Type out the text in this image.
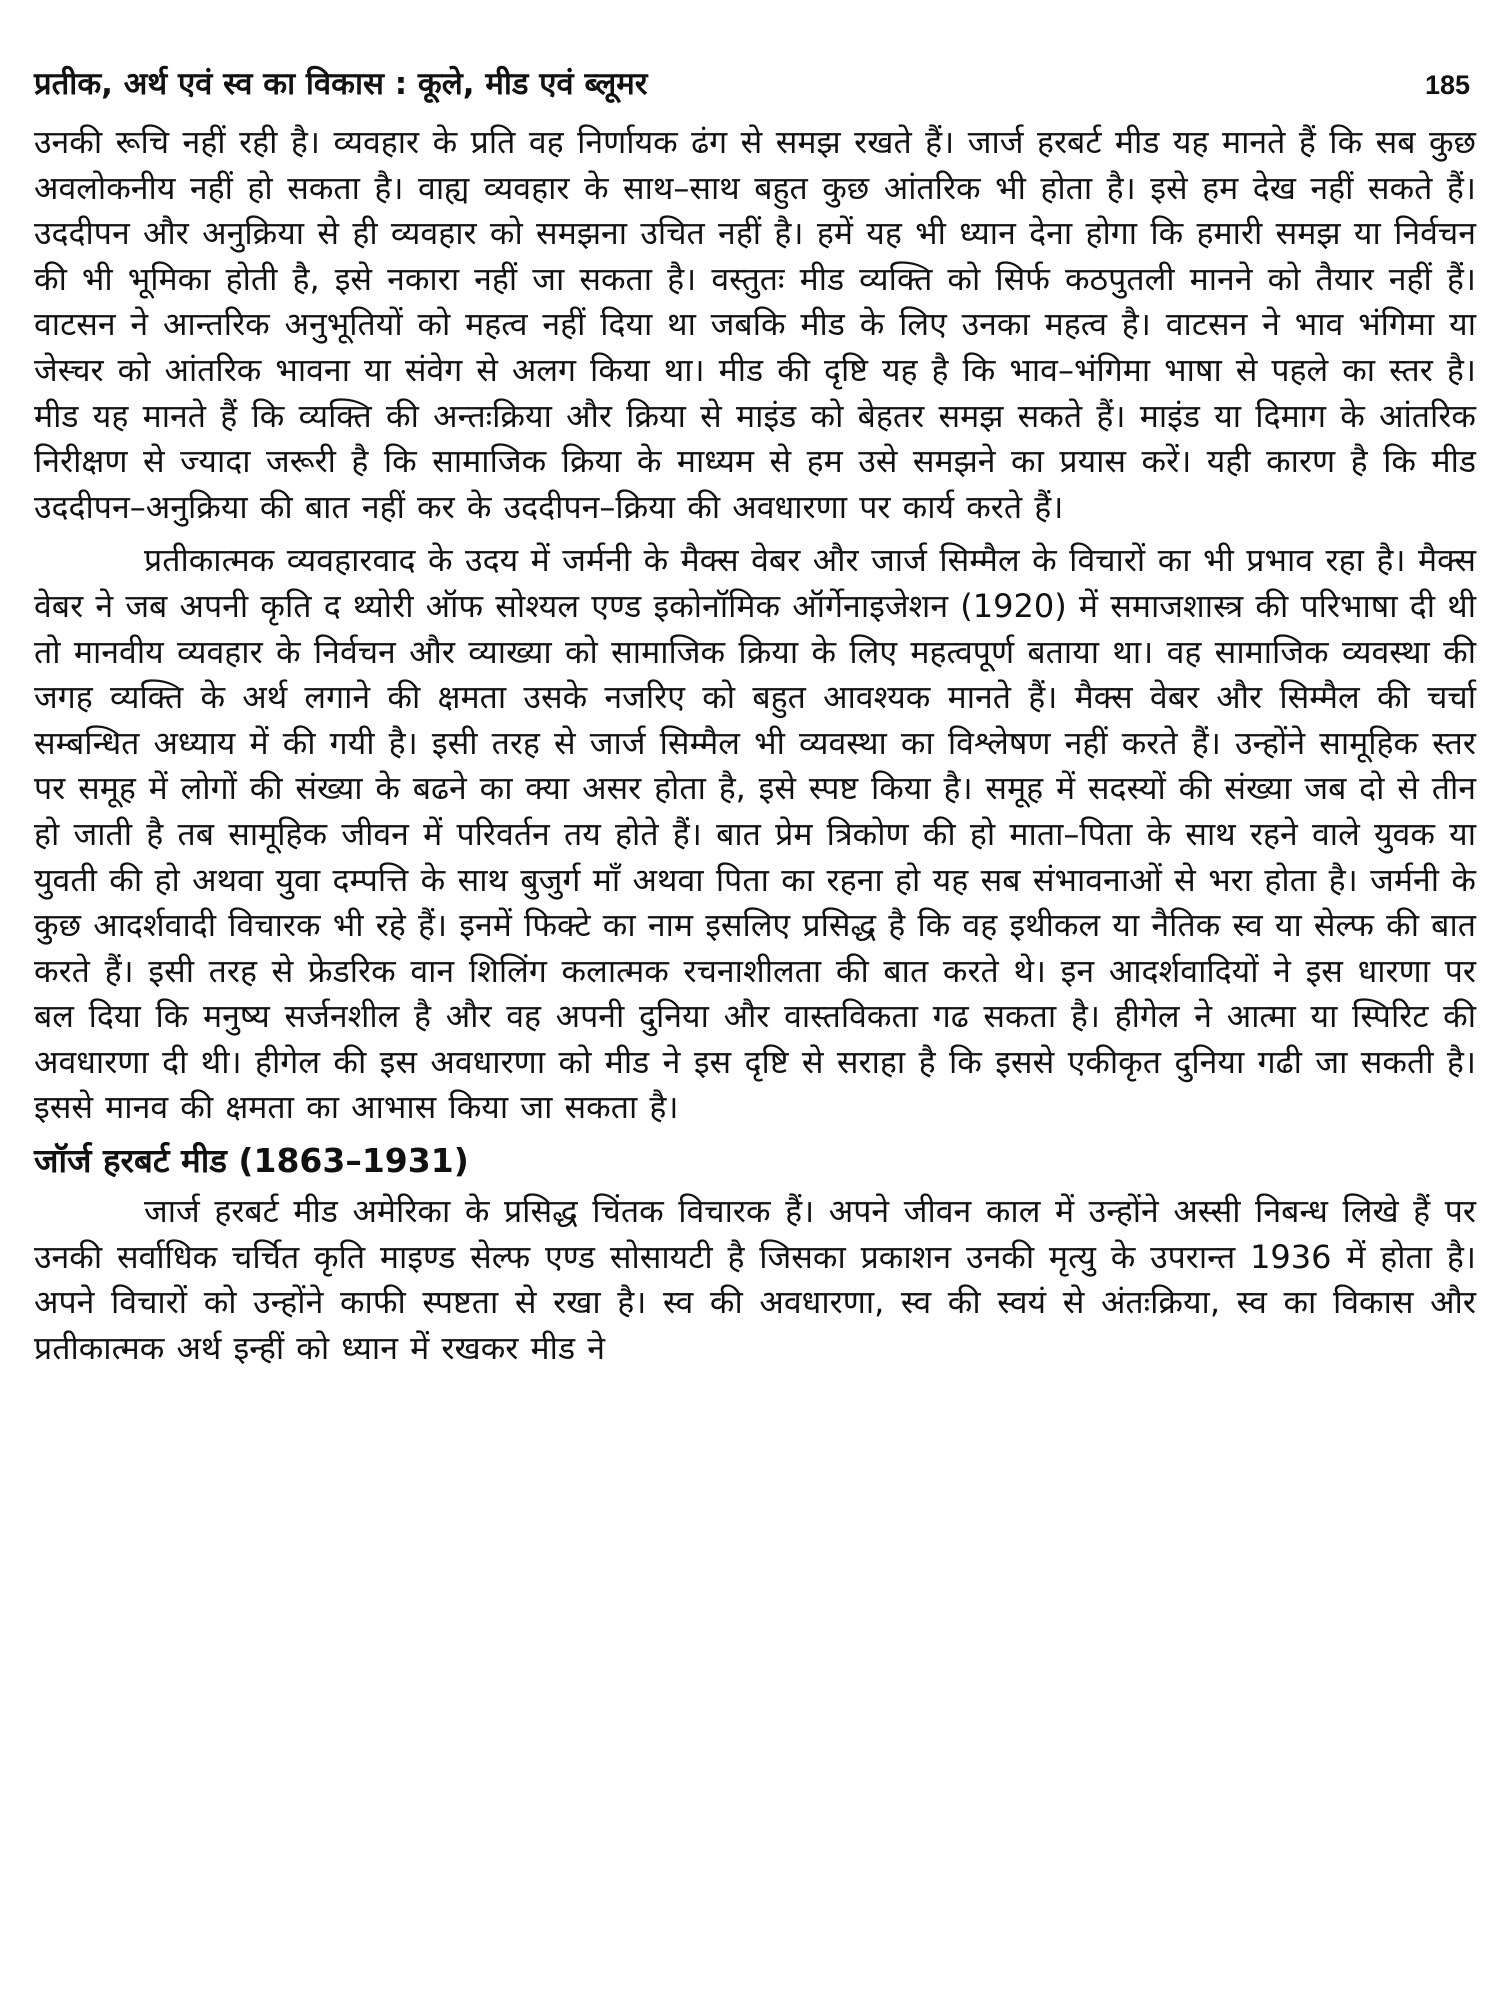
प्रतीक, अर्थ एवं स्व का विकास : कूले, मीड एवं ब्लूमर	185

उनकी रूचि नहीं रही है। व्यवहार के प्रति वह निर्णायक ढंग से समझ रखते हैं। जार्ज हरबर्ट मीड यह मानते हैं कि सब कुछ अवलोकनीय नहीं हो सकता है। वाह्य व्यवहार के साथ–साथ बहुत कुछ आंतरिक भी होता है। इसे हम देख नहीं सकते हैं। उददीपन और अनुक्रिया से ही व्यवहार को समझना उचित नहीं है। हमें यह भी ध्यान देना होगा कि हमारी समझ या निर्वचन की भी भूमिका होती है, इसे नकारा नहीं जा सकता है। वस्तुतः मीड व्यक्ति को सिर्फ कठपुतली मानने को तैयार नहीं हैं। वाटसन ने आन्तरिक अनुभूतियों को महत्व नहीं दिया था जबकि मीड के लिए उनका महत्व है। वाटसन ने भाव भंगिमा या जेस्चर को आंतरिक भावना या संवेग से अलग किया था। मीड की दृष्टि यह है कि भाव–भंगिमा भाषा से पहले का स्तर है। मीड यह मानते हैं कि व्यक्ति की अन्तःक्रिया और क्रिया से माइंड को बेहतर समझ सकते हैं। माइंड या दिमाग के आंतरिक निरीक्षण से ज्यादा जरूरी है कि सामाजिक क्रिया के माध्यम से हम उसे समझने का प्रयास करें। यही कारण है कि मीड उददीपन–अनुक्रिया की बात नहीं कर के उददीपन–क्रिया की अवधारणा पर कार्य करते हैं।

प्रतीकात्मक व्यवहारवाद के उदय में जर्मनी के मैक्स वेबर और जार्ज सिम्मैल के विचारों का भी प्रभाव रहा है। मैक्स वेबर ने जब अपनी कृति द थ्योरी ऑफ सोश्यल एण्ड इकोनॉमिक ऑर्गेनाइजेशन (1920) में समाजशास्त्र की परिभाषा दी थी तो मानवीय व्यवहार के निर्वचन और व्याख्या को सामाजिक क्रिया के लिए महत्वपूर्ण बताया था। वह सामाजिक व्यवस्था की जगह व्यक्ति के अर्थ लगाने की क्षमता उसके नजरिए को बहुत आवश्यक मानते हैं। मैक्स वेबर और सिम्मैल की चर्चा सम्बन्धित अध्याय में की गयी है। इसी तरह से जार्ज सिम्मैल भी व्यवस्था का विश्लेषण नहीं करते हैं। उन्होंने सामूहिक स्तर पर समूह में लोगों की संख्या के बढने का क्या असर होता है, इसे स्पष्ट किया है। समूह में सदस्यों की संख्या जब दो से तीन हो जाती है तब सामूहिक जीवन में परिवर्तन तय होते हैं। बात प्रेम त्रिकोण की हो माता–पिता के साथ रहने वाले युवक या युवती की हो अथवा युवा दम्पत्ति के साथ बुजुर्ग माँ अथवा पिता का रहना हो यह सब संभावनाओं से भरा होता है। जर्मनी के कुछ आदर्शवादी विचारक भी रहे हैं। इनमें फिक्टे का नाम इसलिए प्रसिद्ध है कि वह इथीकल या नैतिक स्व या सेल्फ की बात करते हैं। इसी तरह से फ्रेडरिक वान शिलिंग कलात्मक रचनाशीलता की बात करते थे। इन आदर्शवादियों ने इस धारणा पर बल दिया कि मनुष्य सर्जनशील है और वह अपनी दुनिया और वास्तविकता गढ सकता है। हीगेल ने आत्मा या स्पिरिट की अवधारणा दी थी। हीगेल की इस अवधारणा को मीड ने इस दृष्टि से सराहा है कि इससे एकीकृत दुनिया गढी जा सकती है। इससे मानव की क्षमता का आभास किया जा सकता है।

जॉर्ज हरबर्ट मीड (1863–1931)

जार्ज हरबर्ट मीड अमेरिका के प्रसिद्ध चिंतक विचारक हैं। अपने जीवन काल में उन्होंने अस्सी निबन्ध लिखे हैं पर उनकी सर्वाधिक चर्चित कृति माइण्ड सेल्फ एण्ड सोसायटी है जिसका प्रकाशन उनकी मृत्यु के उपरान्त 1936 में होता है। अपने विचारों को उन्होंने काफी स्पष्टता से रखा है। स्व की अवधारणा, स्व की स्वयं से अंतःक्रिया, स्व का विकास और प्रतीकात्मक अर्थ इन्हीं को ध्यान में रखकर मीड ने
